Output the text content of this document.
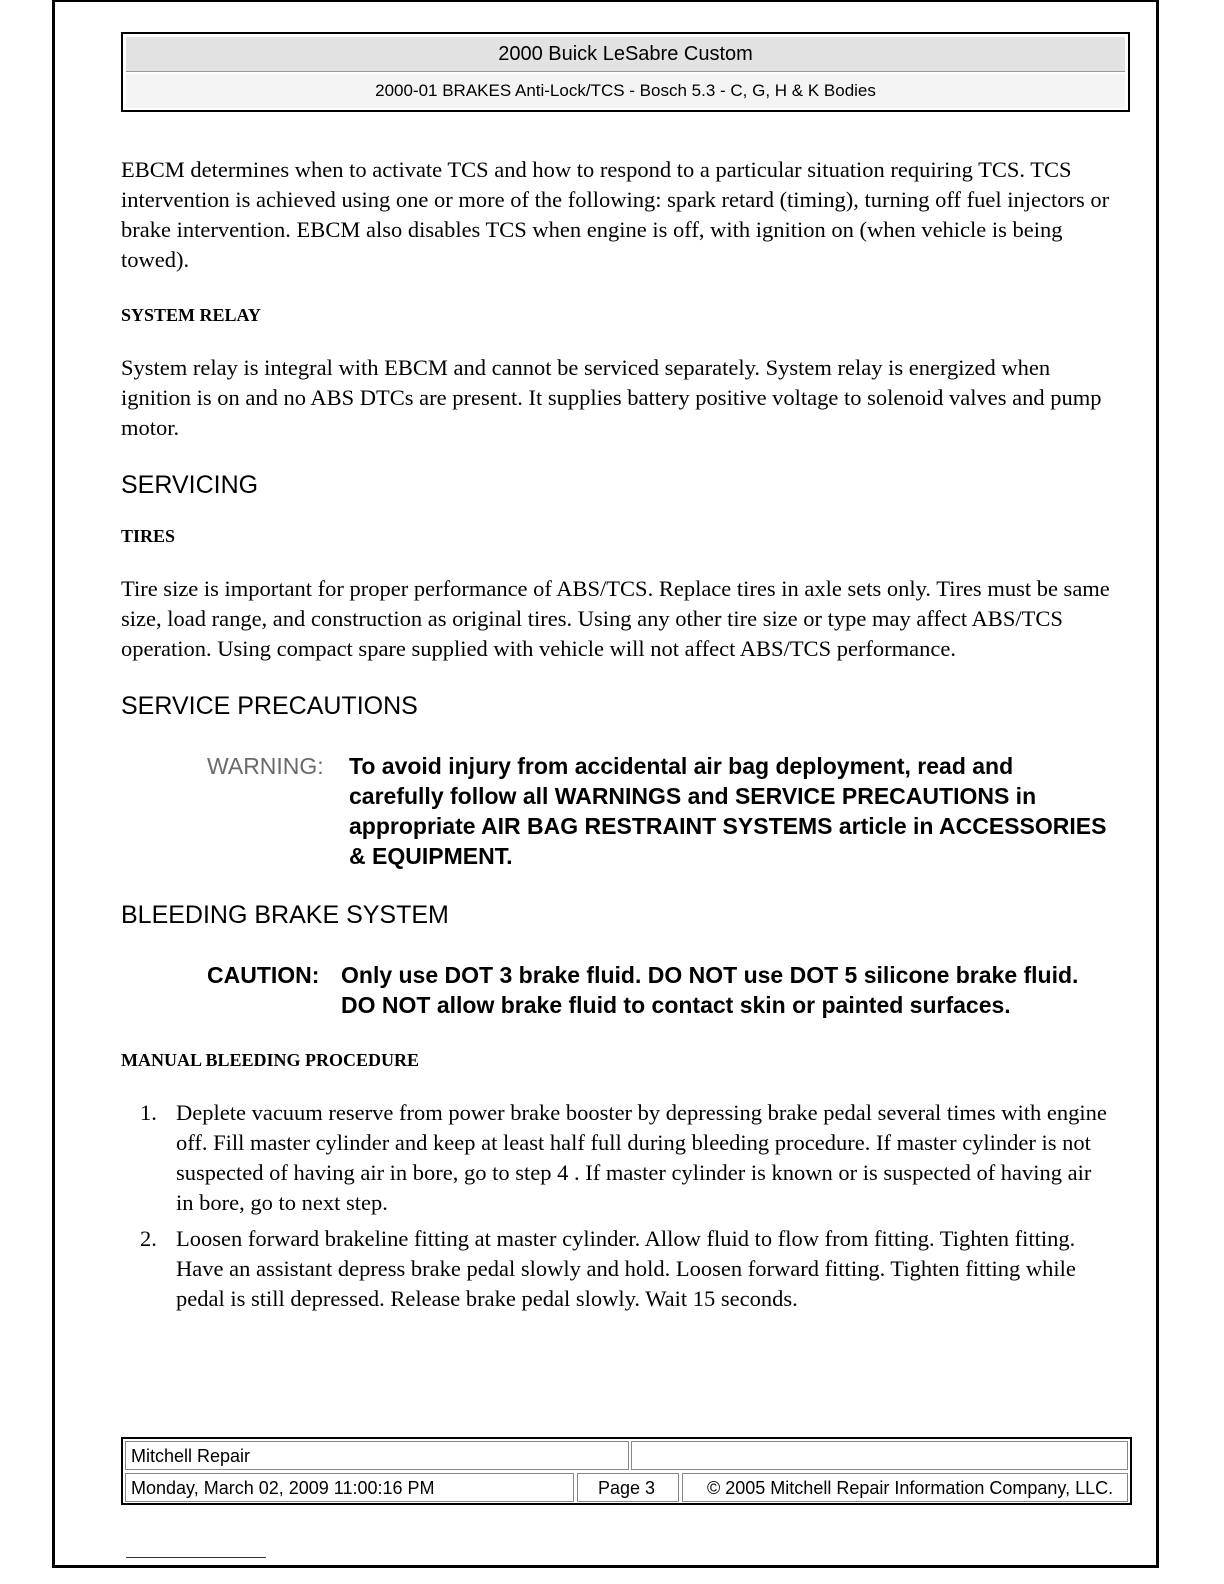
2000 Buick LeSabre Custom
2000-01 BRAKES Anti-Lock/TCS - Bosch 5.3 - C, G, H & K Bodies

EBCM determines when to activate TCS and how to respond to a particular situation requiring TCS. TCS intervention is achieved using one or more of the following: spark retard (timing), turning off fuel injectors or brake intervention. EBCM also disables TCS when engine is off, with ignition on (when vehicle is being towed).

SYSTEM RELAY

System relay is integral with EBCM and cannot be serviced separately. System relay is energized when ignition is on and no ABS DTCs are present. It supplies battery positive voltage to solenoid valves and pump motor.

SERVICING

TIRES

Tire size is important for proper performance of ABS/TCS. Replace tires in axle sets only. Tires must be same size, load range, and construction as original tires. Using any other tire size or type may affect ABS/TCS operation. Using compact spare supplied with vehicle will not affect ABS/TCS performance.

SERVICE PRECAUTIONS
WARNING: To avoid injury from accidental air bag deployment, read and carefully follow all WARNINGS and SERVICE PRECAUTIONS in appropriate AIR BAG RESTRAINT SYSTEMS article in ACCESSORIES & EQUIPMENT.
BLEEDING BRAKE SYSTEM
CAUTION: Only use DOT 3 brake fluid. DO NOT use DOT 5 silicone brake fluid. DO NOT allow brake fluid to contact skin or painted surfaces.

MANUAL BLEEDING PROCEDURE

1. Deplete vacuum reserve from power brake booster by depressing brake pedal several times with engine off. Fill master cylinder and keep at least half full during bleeding procedure. If master cylinder is not suspected of having air in bore, go to step 4 . If master cylinder is known or is suspected of having air in bore, go to next step.
2. Loosen forward brakeline fitting at master cylinder. Allow fluid to flow from fitting. Tighten fitting. Have an assistant depress brake pedal slowly and hold. Loosen forward fitting. Tighten fitting while pedal is still depressed. Release brake pedal slowly. Wait 15 seconds.
Mitchell Repair
Monday, March 02, 2009 11:00:16 PM	Page 3	© 2005 Mitchell Repair Information Company, LLC.
